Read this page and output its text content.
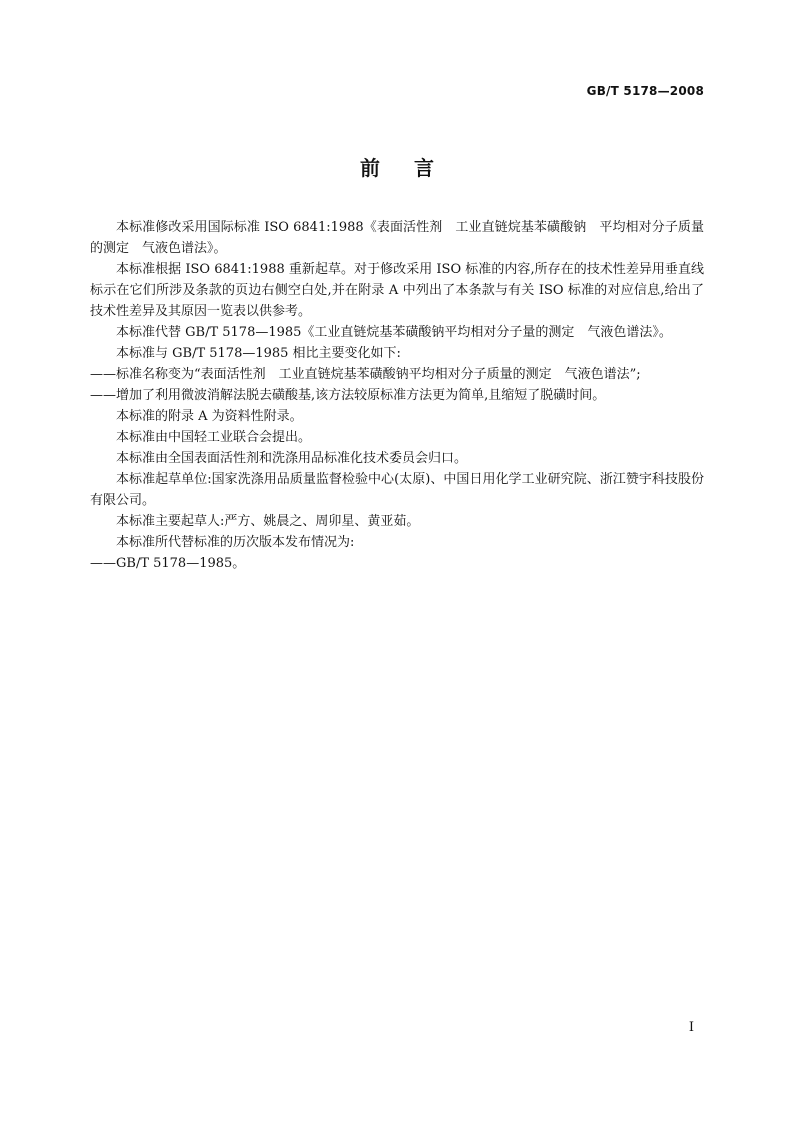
GB/T 5178—2008
前 言

本标准修改采用国际标准 ISO 6841:1988《表面活性剂　工业直链烷基苯磺酸钠　平均相对分子质量的测定　气液色谱法》。

本标准根据 ISO 6841:1988 重新起草。对于修改采用 ISO 标准的内容,所存在的技术性差异用垂直线标示在它们所涉及条款的页边右侧空白处,并在附录 A 中列出了本条款与有关 ISO 标准的对应信息,给出了技术性差异及其原因一览表以供参考。

本标准代替 GB/T 5178—1985《工业直链烷基苯磺酸钠平均相对分子量的测定　气液色谱法》。

本标准与 GB/T 5178—1985 相比主要变化如下:

——标准名称变为“表面活性剂　工业直链烷基苯磺酸钠平均相对分子质量的测定　气液色谱法”;

——增加了利用微波消解法脱去磺酸基,该方法较原标准方法更为简单,且缩短了脱磺时间。

本标准的附录 A 为资料性附录。

本标准由中国轻工业联合会提出。

本标准由全国表面活性剂和洗涤用品标准化技术委员会归口。

本标准起草单位:国家洗涤用品质量监督检验中心(太原)、中国日用化学工业研究院、浙江赞宇科技股份有限公司。

本标准主要起草人:严方、姚晨之、周卯星、黄亚茹。

本标准所代替标准的历次版本发布情况为:

——GB/T 5178—1985。

I
